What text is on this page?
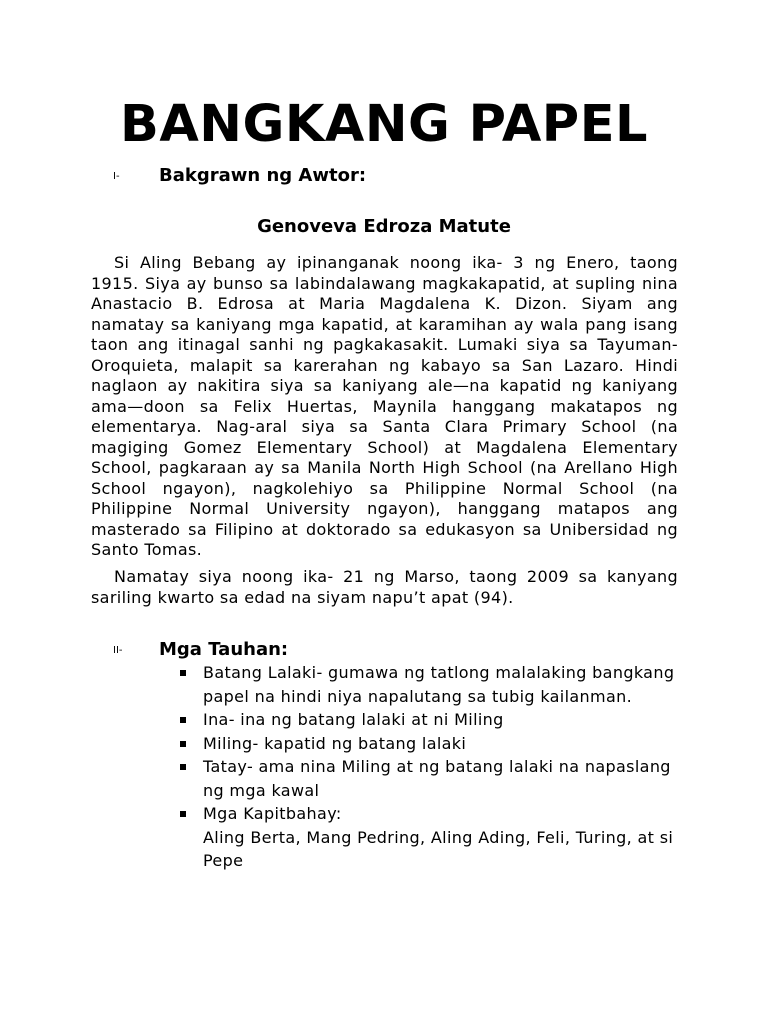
BANGKANG PAPEL
I- Bakgrawn ng Awtor:
Genoveva Edroza Matute

Si Aling Bebang ay ipinanganak noong ika- 3 ng Enero, taong 1915. Siya ay bunso sa labindalawang magkakapatid, at supling nina Anastacio B. Edrosa at Maria Magdalena K. Dizon. Siyam ang namatay sa kaniyang mga kapatid, at karamihan ay wala pang isang taon ang itinagal sanhi ng pagkakasakit. Lumaki siya sa Tayuman-Oroquieta, malapit sa karerahan ng kabayo sa San Lazaro. Hindi naglaon ay nakitira siya sa kaniyang ale—na kapatid ng kaniyang ama—doon sa Felix Huertas, Maynila hanggang makatapos ng elementarya. Nag-aral siya sa Santa Clara Primary School (na magiging Gomez Elementary School) at Magdalena Elementary School, pagkaraan ay sa Manila North High School (na Arellano High School ngayon), nagkolehiyo sa Philippine Normal School (na Philippine Normal University ngayon), hanggang matapos ang masterado sa Filipino at doktorado sa edukasyon sa Unibersidad ng Santo Tomas.

Namatay siya noong ika- 21 ng Marso, taong 2009 sa kanyang sariling kwarto sa edad na siyam napu’t apat (94).

II- Mga Tauhan:
Batang Lalaki- gumawa ng tatlong malalaking bangkang papel na hindi niya napalutang sa tubig kailanman.
Ina- ina ng batang lalaki at ni Miling
Miling- kapatid ng batang lalaki
Tatay- ama nina Miling at ng batang lalaki na napaslang ng mga kawal
Mga Kapitbahay:
Aling Berta, Mang Pedring, Aling Ading, Feli, Turing, at si Pepe
